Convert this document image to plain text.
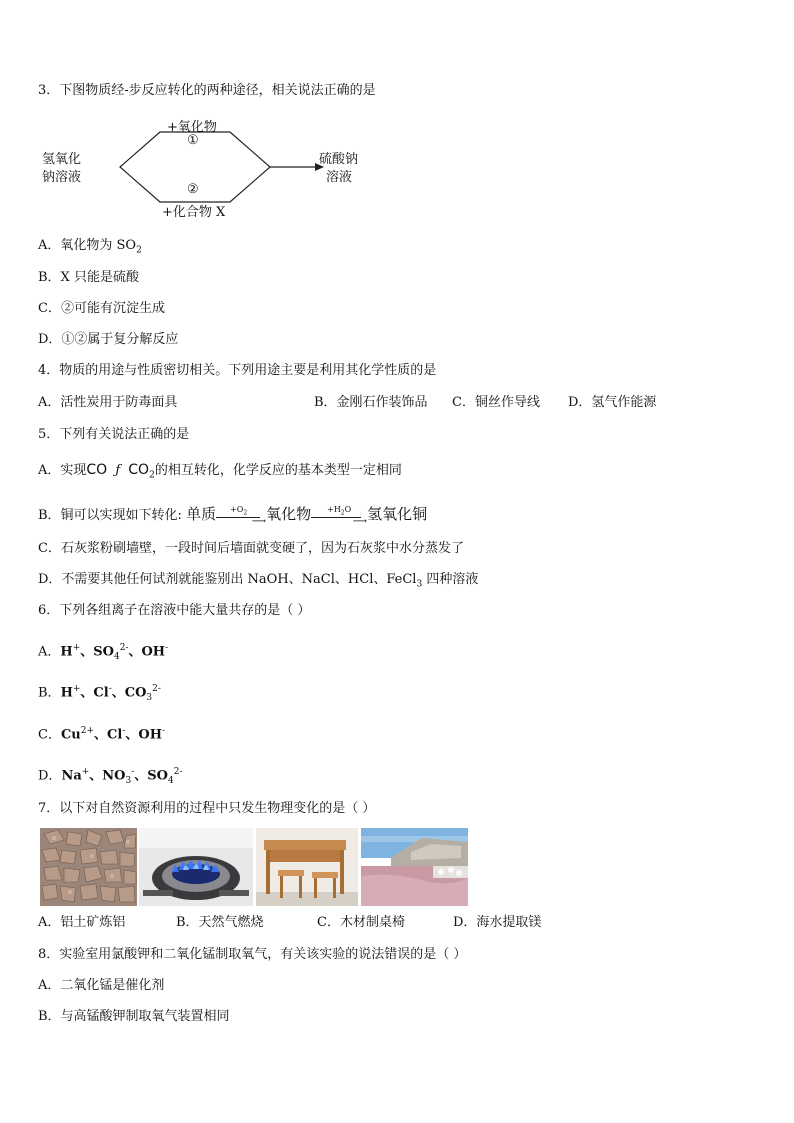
3．下图物质经-步反应转化的两种途径，相关说法正确的是
氢氧化
钠溶液
+氧化物
①
②
+化合物 X
硫酸钠
溶液
A．氧化物为 $SO_2$
B．X 只能是硫酸
C．②可能有沉淀生成
D．①②属于复分解反应
4．物质的用途与性质密切相关。下列用途主要是利用其化学性质的是
A．活性炭用于防毒面具	B．金刚石作装饰品 C．铜丝作导线 D．氢气作能源
5．下列有关说法正确的是
A．实现CO ƒ $CO_2$的相互转化，化学反应的基本类型一定相同
B．铜可以实现如下转化: 单质 $+O_2$
⟶ 氧化物 $+H_2O$
⟶ 氢氧化铜
C．石灰浆粉刷墙壁，一段时间后墙面就变硬了，因为石灰浆中水分蒸发了
D．不需要其他任何试剂就能鉴别出 NaOH、NaCl、HCl、FeCl$_3$ 四种溶液
6．下列各组离子在溶液中能大量共存的是（ ）
A．H+、$SO_4^{2-}$、OH-
B．H+、Cl-、$CO_3^{2-}$
C．$Cu^{2+}$、Cl-、OH-
D．Na+、$NO_3^-$、$SO_4^{2-}$
7．以下对自然资源利用的过程中只发生物理变化的是（ ）
A．铝土矿炼铝	B．天然气燃烧	C．木材制桌椅	D．海水提取镁
8．实验室用氯酸钾和二氧化锰制取氧气，有关该实验的说法错误的是（ ）
A．二氧化锰是催化剂
B．与高锰酸钾制取氧气装置相同
